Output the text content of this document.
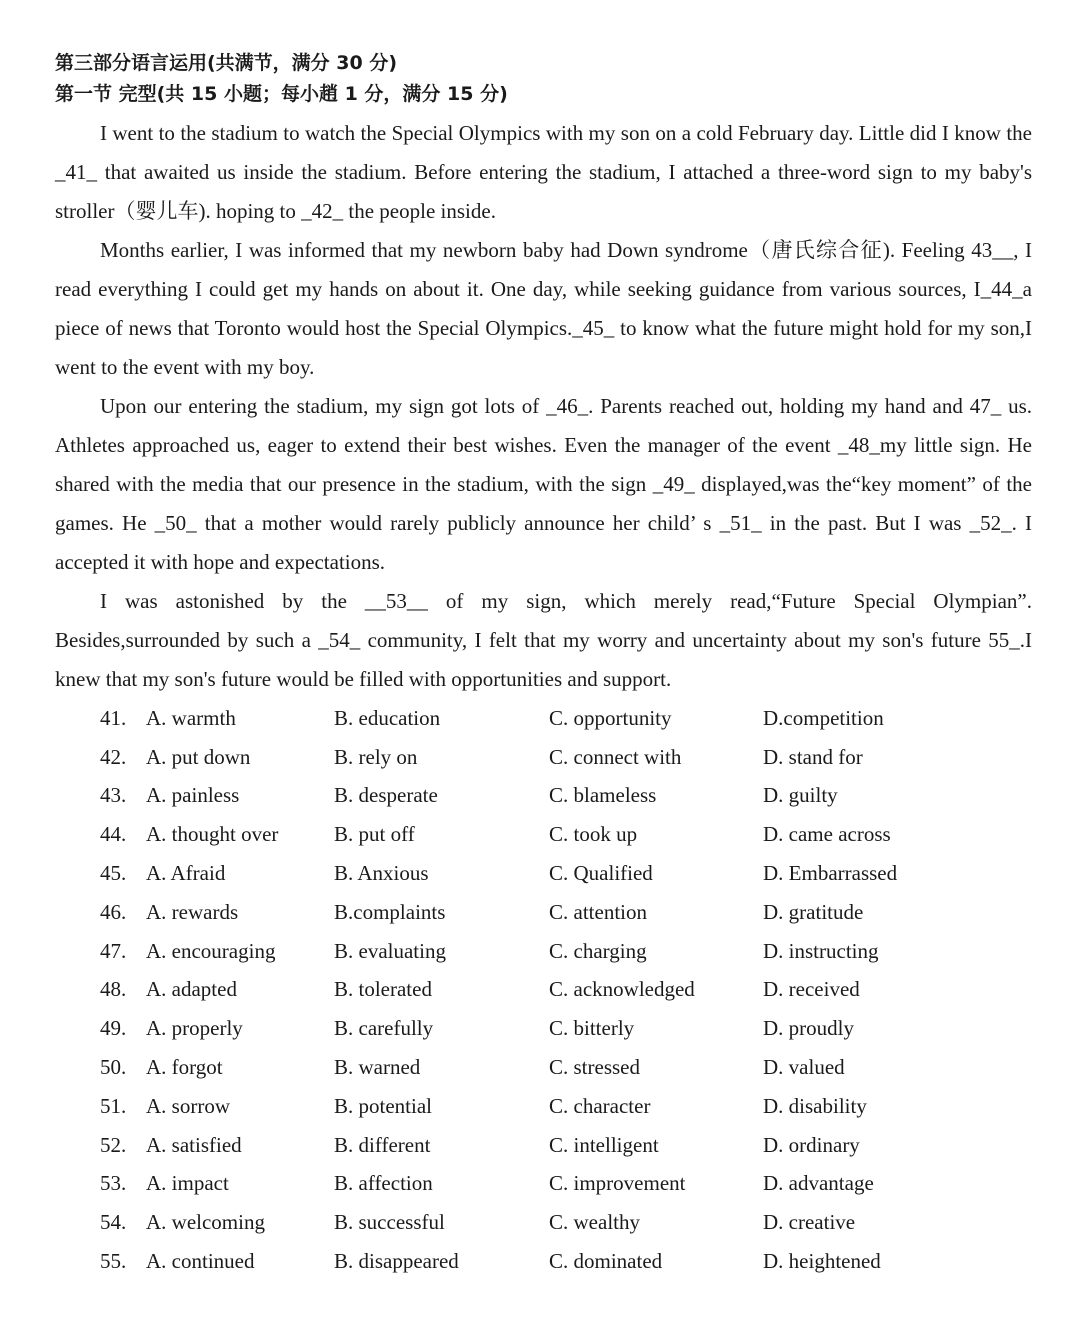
第三部分语言运用(共满节，满分 30 分)
第一节 完型(共 15 小题；每小趙 1 分，满分 15 分)

I went to the stadium to watch the Special Olympics with my son on a cold February day. Little did I know the _41_ that awaited us inside the stadium. Before entering the stadium, I attached a three-word sign to my baby's stroller（婴儿车). hoping to _42_ the people inside.

Months earlier, I was informed that my newborn baby had Down syndrome（唐氏综合征). Feeling 43__, I read everything I could get my hands on about it. One day, while seeking guidance from various sources, I_44_a piece of news that Toronto would host the Special Olympics._45_ to know what the future might hold for my son,I went to the event with my boy.

Upon our entering the stadium, my sign got lots of _46_. Parents reached out, holding my hand and 47_ us. Athletes approached us, eager to extend their best wishes. Even the manager of the event _48_my little sign. He shared with the media that our presence in the stadium, with the sign _49_ displayed,was the“key moment” of the games. He _50_ that a mother would rarely publicly announce her child’ s _51_ in the past. But I was _52_. I accepted it with hope and expectations.

I was astonished by the __53__ of my sign, which merely read,“Future Special Olympian”. Besides,surrounded by such a _54_ community, I felt that my worry and uncertainty about my son's future 55_.I knew that my son's future would be filled with opportunities and support.

41. A. warmth	B. education	C. opportunity	D.competition
42. A. put down	B. rely on	C. connect with	D. stand for
43. A. painless	B. desperate	C. blameless	D. guilty
44. A. thought over	B. put off	C. took up	D. came across
45. A. Afraid	B. Anxious	C. Qualified	D. Embarrassed
46. A. rewards	B.complaints	C. attention	D. gratitude
47. A. encouraging	B. evaluating	C. charging	D. instructing
48. A. adapted	B. tolerated	C. acknowledged	D. received
49. A. properly	B. carefully	C. bitterly	D. proudly
50. A. forgot	B. warned	C. stressed	D. valued
51. A. sorrow	B. potential	C. character	D. disability
52. A. satisfied	B. different	C. intelligent	D. ordinary
53. A. impact	B. affection	C. improvement	D. advantage
54. A. welcoming	B. successful	C. wealthy	D. creative
55. A. continued	B. disappeared	C. dominated	D. heightened
